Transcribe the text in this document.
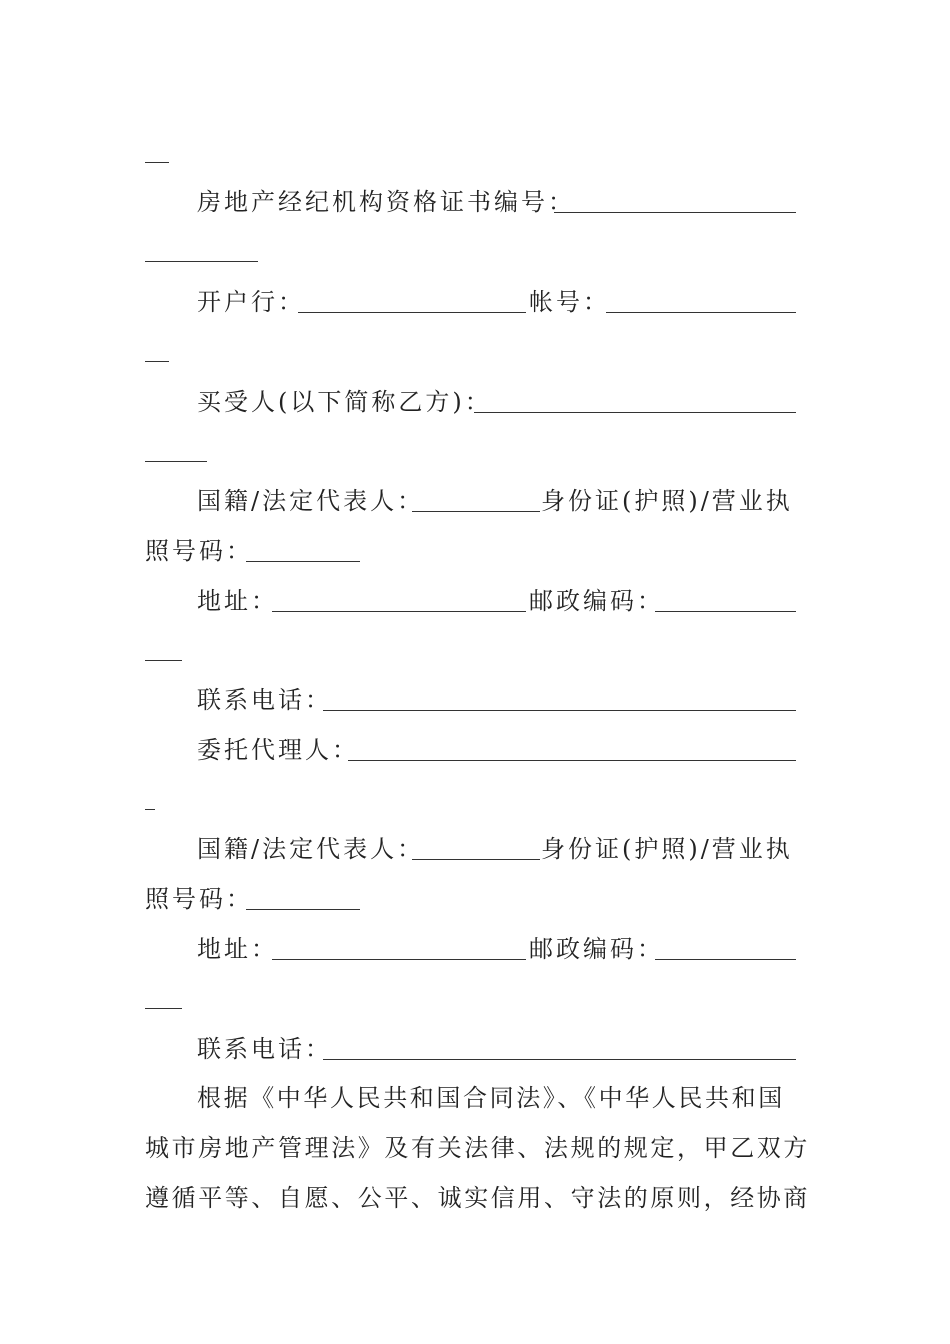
房地产经纪机构资格证书编号：
开户行：	帐号：
买受人(以下简称乙方)：
国籍/法定代表人：	身份证(护照)/营业执
照号码：
地址：	邮政编码：
联系电话：
委托代理人：
国籍/法定代表人：	身份证(护照)/营业执
照号码：
地址：	邮政编码：
联系电话：
根据《中华人民共和国合同法》、《中华人民共和国
城市房地产管理法》及有关法律、法规的规定，甲乙双方
遵循平等、自愿、公平、诚实信用、守法的原则，经协商
